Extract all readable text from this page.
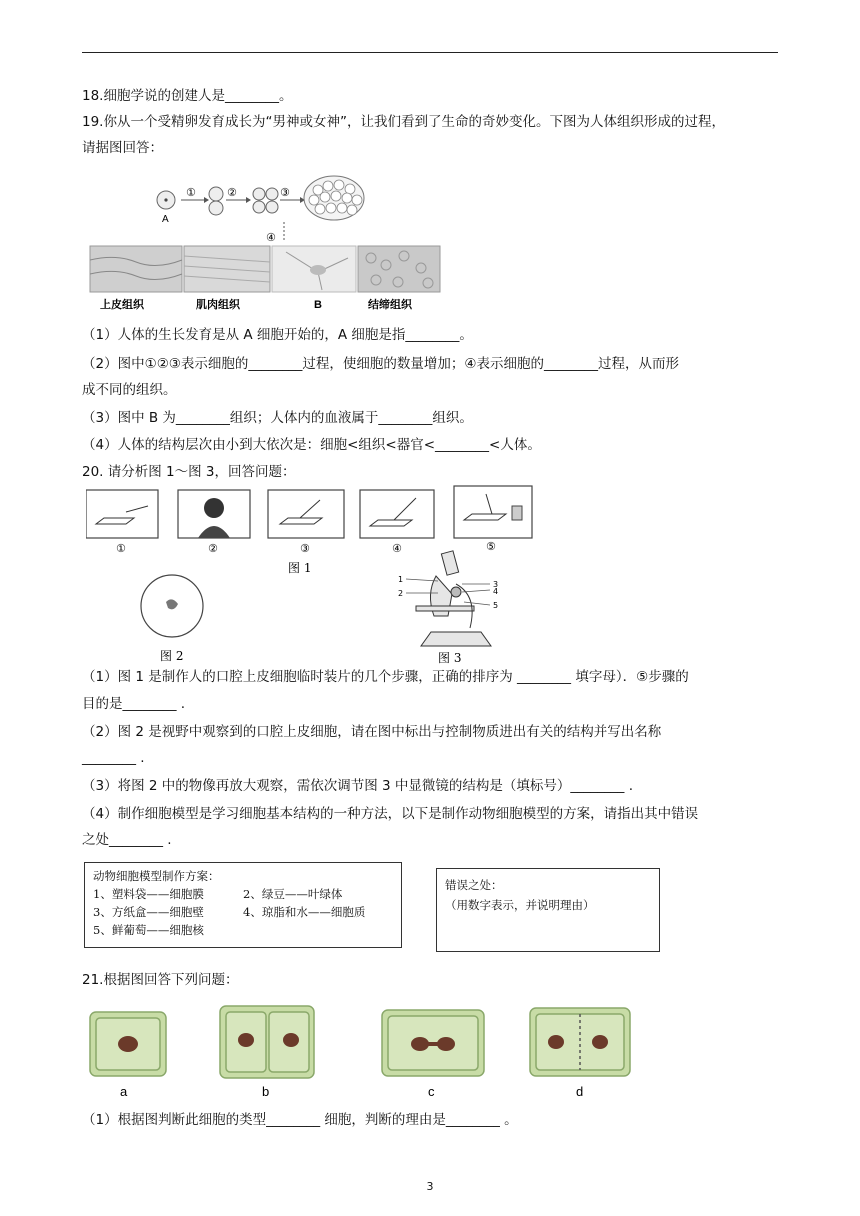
18.细胞学说的创建人是________。
19.你从一个受精卵发育成长为“男神或女神”，让我们看到了生命的奇妙变化。下图为人体组织形成的过程，
请据图回答：
A
①	②	③
④
上皮组织	肌肉组织	B	结缔组织
（1）人体的生长发育是从 A 细胞开始的，A 细胞是指________。
（2）图中①②③表示细胞的________过程，使细胞的数量增加；④表示细胞的________过程，从而形
成不同的组织。
（3）图中 B 为________组织；人体内的血液属于________组织。
（4）人体的结构层次由小到大依次是：细胞<组织<器官<________<人体。
20. 请分析图 1～图 3，回答问题：
①	②	③	④	⑤
图 1
图 2
1
2
3
4
5
图 3
（1）图 1 是制作人的口腔上皮细胞临时装片的几个步骤，正确的排序为 ________ 填字母）．⑤步骤的
目的是________ .
（2）图 2 是视野中观察到的口腔上皮细胞，请在图中标出与控制物质进出有关的结构并写出名称
________ .
（3）将图 2 中的物像再放大观察，需依次调节图 3 中显微镜的结构是（填标号）________ .
（4）制作细胞模型是学习细胞基本结构的一种方法，以下是制作动物细胞模型的方案，请指出其中错误
之处________ .
动物细胞模型制作方案：
1、塑料袋——细胞膜	2、绿豆——叶绿体
3、方纸盒——细胞壁	4、琼脂和水——细胞质
5、鲜葡萄——细胞核
错误之处：
（用数字表示，并说明理由）
21.根据图回答下列问题：
a	b	c	d
（1）根据图判断此细胞的类型________ 细胞，判断的理由是________ 。
3
